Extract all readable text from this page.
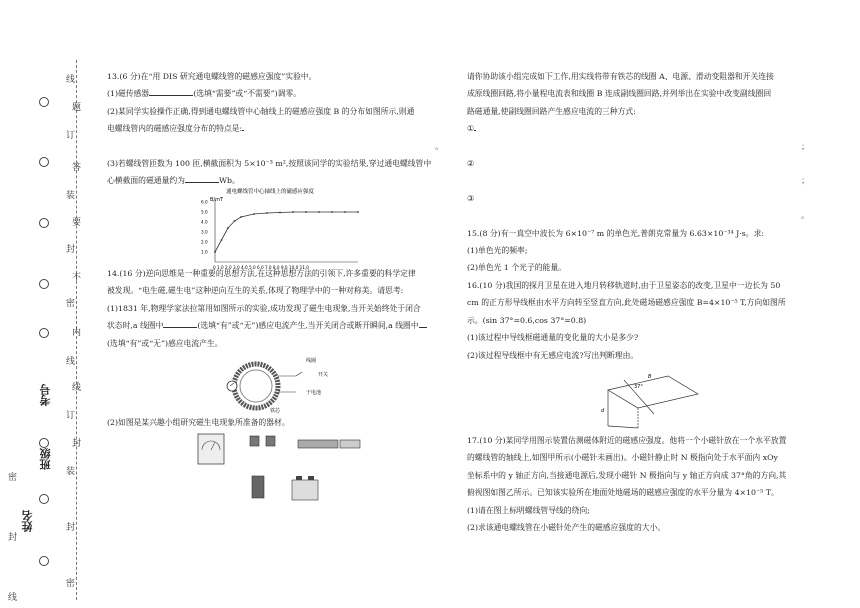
线
订
装
封
密
线
订
装
封
密
题
答
要
不
内
线
封
密
封
线
考号
班级
姓名

13.(6 分)在“用 DIS 研究通电螺线管的磁感应强度”实验中。

(1)磁传感器	(选填“需要”或“不需要”)调零。

(2)某同学实验操作正确,得到通电螺线管中心轴线上的磁感应强度 B 的分布如图所示,则通

电螺线管内的磁感应强度分布的特点是:

。

(3)若螺线管匝数为 100 匝,横截面积为 5×10⁻³ m²,按照该同学的实验结果,穿过通电螺线管中

心横截面的磁通量约为	Wb。

通电螺线管中心轴线上的磁感应强度
B/mT
6.0
5.0
4.0
3.0
2.0
1.0
0 1.0 2.0 3.0 4.0 5.0 6.0 7.0 8.0 9.0 10.0 11.0

14.(16 分)逆向思维是一种重要的思想方法,在这种思想方法的引领下,许多重要的科学定律

被发现。“电生磁,磁生电”这种逆向互生的关系,体现了物理学中的一种对称美。请思考:

(1)1831 年,物理学家法拉第用如图所示的实验,成功发现了磁生电现象,当开关始终处于闭合

状态时,a 线圈中	(选填“有”或“无”)感应电流产生,当开关闭合或断开瞬间,a 线圈中

(选填“有”或“无”)感应电流产生。

线圈
开关
干电池
铁芯

(2)如图是某兴趣小组研究磁生电现象所准备的器材。

请你协助该小组完成如下工作,用实线将带有铁芯的线圈 A、电源、滑动变阻器和开关连接

成原线圈回路,将小量程电流表和线圈 B 连成副线圈回路,并列举出在实验中改变副线圈回

路磁通量,使副线圈回路产生感应电流的三种方式:

①

；

②

；

③

。

15.(8 分)有一真空中波长为 6×10⁻⁷ m 的单色光,普朗克常量为 6.63×10⁻³⁴ J·s。求:

(1)单色光的频率;

(2)单色光 1 个光子的能量。

16.(10 分)我国的探月卫星在进入地月转移轨道时,由于卫星姿态的改变,卫星中一边长为 50

cm 的正方形导线框由水平方向转至竖直方向,此处磁场磁感应强度 B=4×10⁻⁵ T,方向如图所

示。(sin 37°=0.6,cos 37°=0.8)

(1)该过程中导线框磁通量的变化量的大小是多少?

(2)该过程导线框中有无感应电流?写出判断理由。

37°
B
d

17.(10 分)某同学用图示装置估测磁体附近的磁感应强度。他将一个小磁针放在一个水平放置

的螺线管的轴线上,如图甲所示(小磁针未画出)。小磁针静止时 N 极指向处于水平面内 xOy

坐标系中的 y 轴正方向,当接通电源后,发现小磁针 N 极指向与 y 轴正方向成 37°角的方向,其

俯视图如图乙所示。已知该实验所在地面处地磁场的磁感应强度的水平分量为 4×10⁻⁵ T。

(1)请在图上标明螺线管导线的绕向;

(2)求该通电螺线管在小磁针处产生的磁感应强度的大小。
